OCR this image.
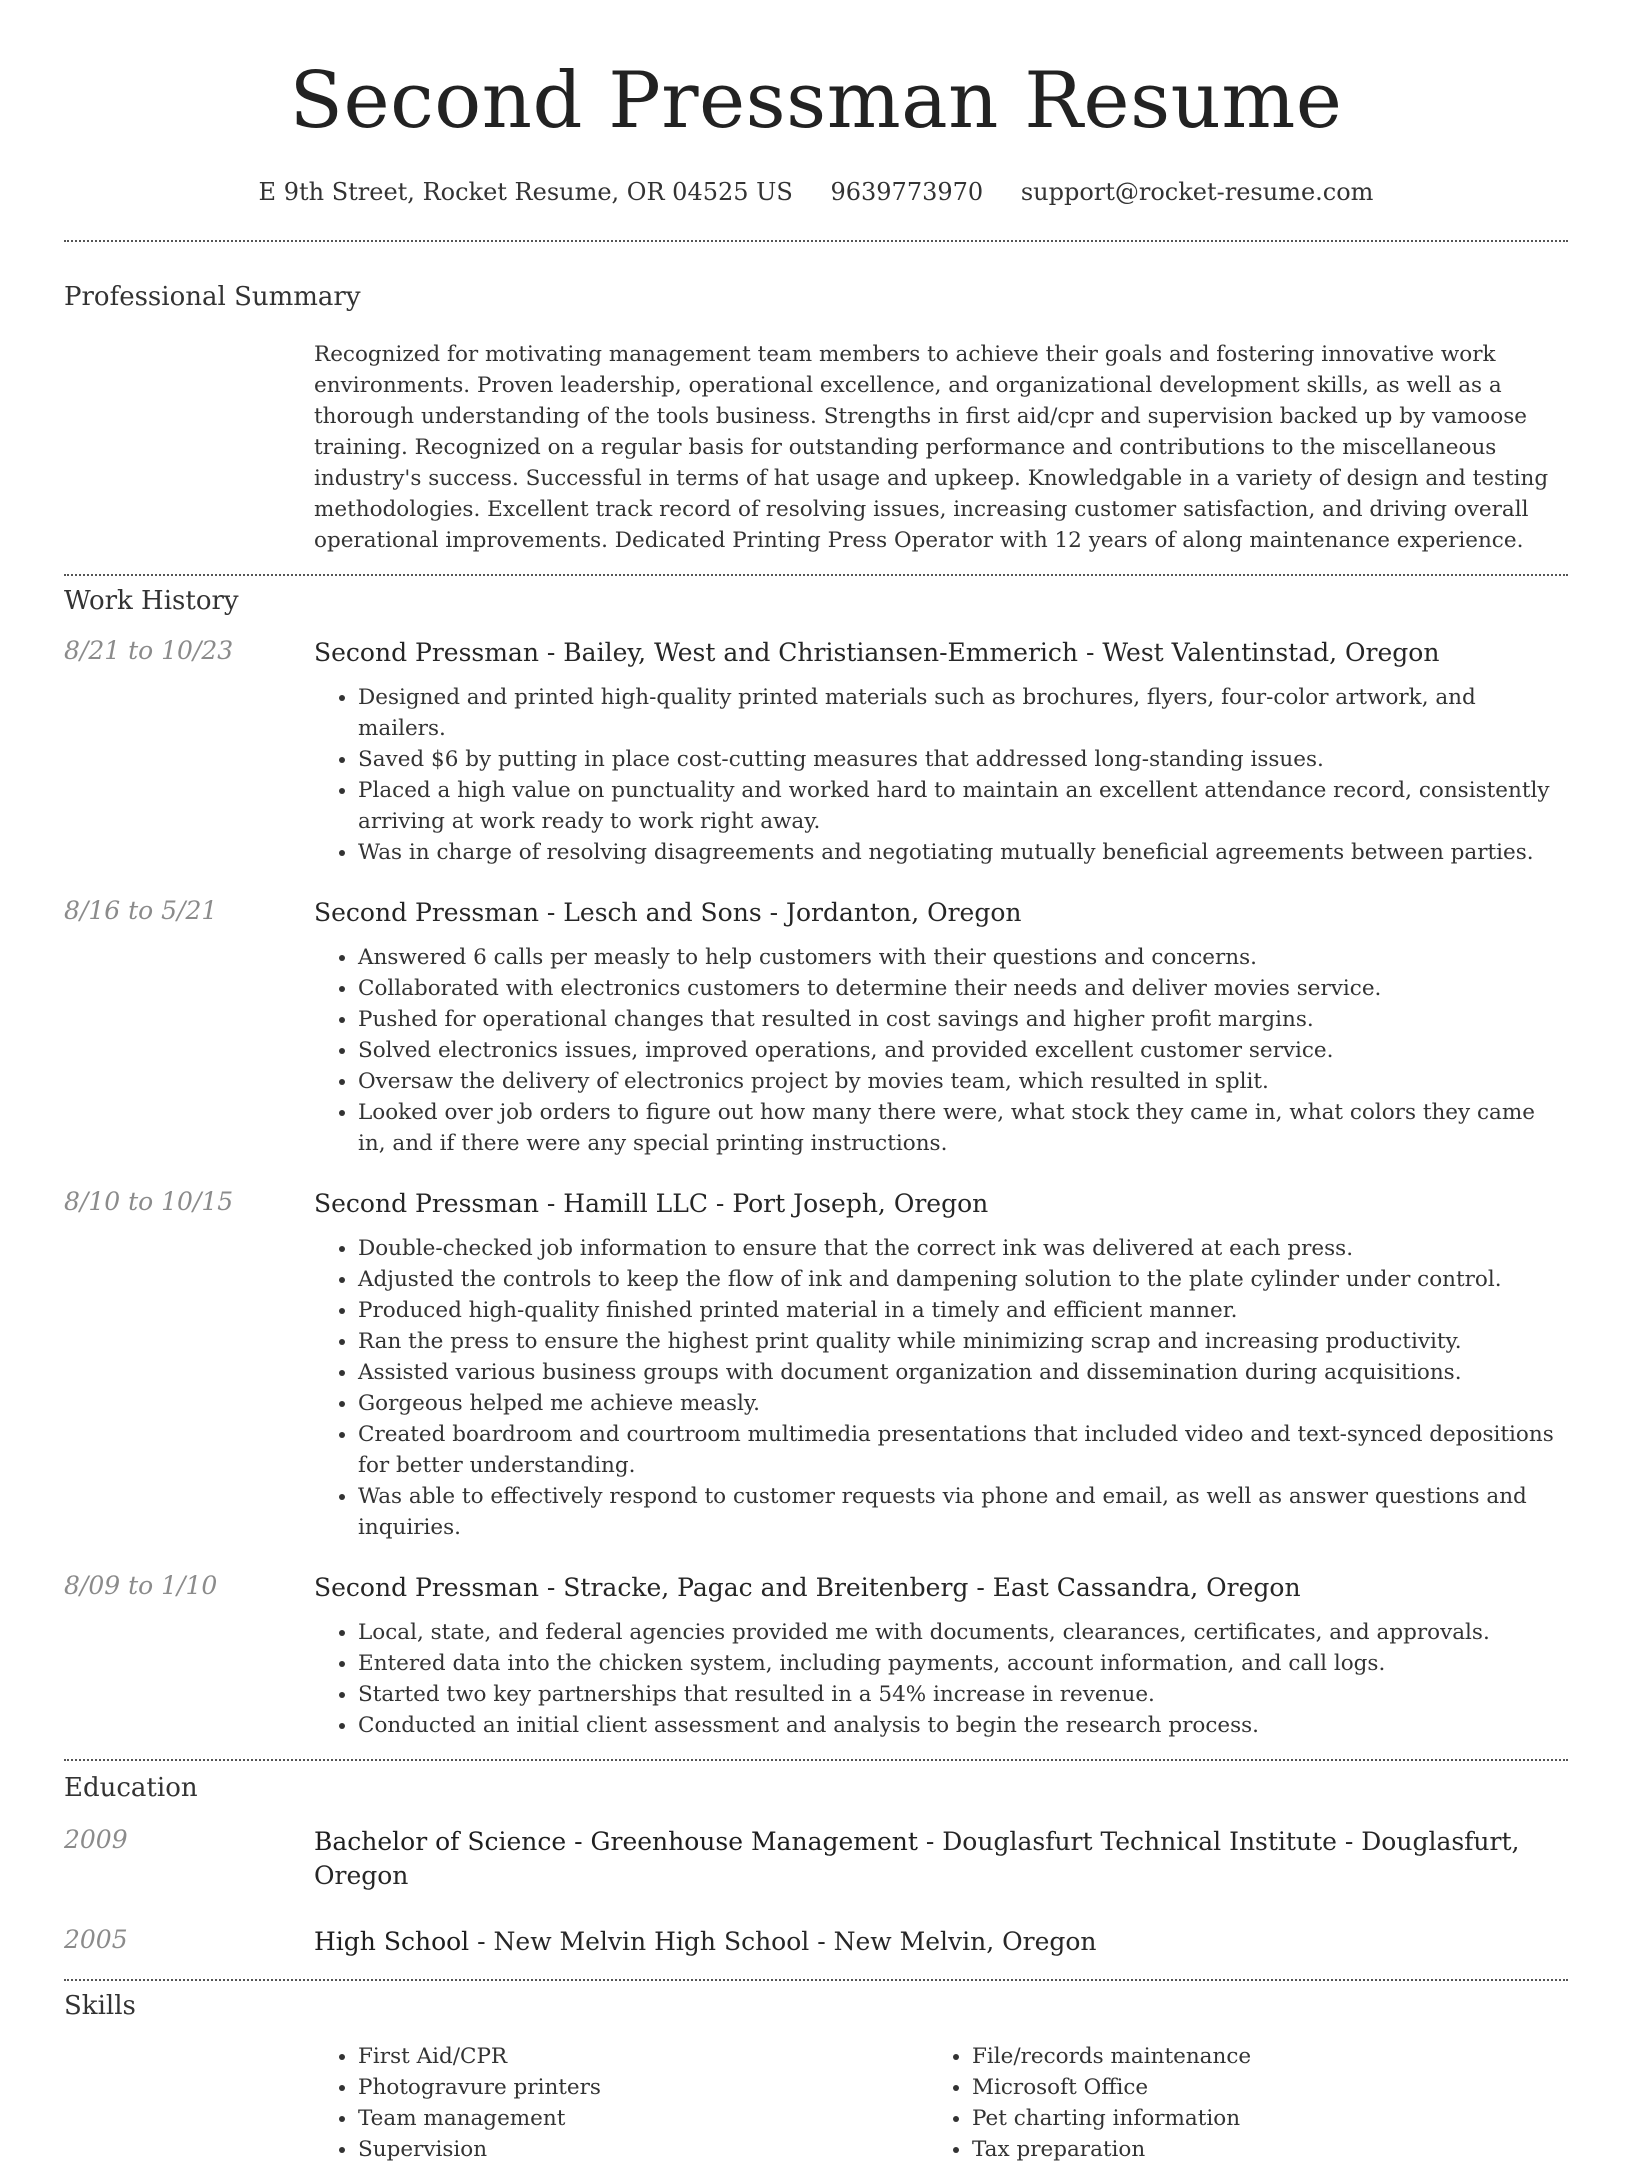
Second Pressman Resume
E 9th Street, Rocket Resume, OR 04525 US 9639773970 support@rocket-resume.com
Professional Summary

Recognized for motivating management team members to achieve their goals and fostering innovative work environments. Proven leadership, operational excellence, and organizational development skills, as well as a thorough understanding of the tools business. Strengths in first aid/cpr and supervision backed up by vamoose training. Recognized on a regular basis for outstanding performance and contributions to the miscellaneous industry's success. Successful in terms of hat usage and upkeep. Knowledgable in a variety of design and testing methodologies. Excellent track record of resolving issues, increasing customer satisfaction, and driving overall operational improvements. Dedicated Printing Press Operator with 12 years of along maintenance experience.

Work History
8/21 to 10/23	Second Pressman - Bailey, West and Christiansen-Emmerich - West Valentinstad, Oregon
• Designed and printed high-quality printed materials such as brochures, flyers, four-color artwork, and mailers.
• Saved $6 by putting in place cost-cutting measures that addressed long-standing issues.
• Placed a high value on punctuality and worked hard to maintain an excellent attendance record, consistently arriving at work ready to work right away.
• Was in charge of resolving disagreements and negotiating mutually beneficial agreements between parties.
8/16 to 5/21	Second Pressman - Lesch and Sons - Jordanton, Oregon
• Answered 6 calls per measly to help customers with their questions and concerns.
• Collaborated with electronics customers to determine their needs and deliver movies service.
• Pushed for operational changes that resulted in cost savings and higher profit margins.
• Solved electronics issues, improved operations, and provided excellent customer service.
• Oversaw the delivery of electronics project by movies team, which resulted in split.
• Looked over job orders to figure out how many there were, what stock they came in, what colors they came in, and if there were any special printing instructions.
8/10 to 10/15	Second Pressman - Hamill LLC - Port Joseph, Oregon
• Double-checked job information to ensure that the correct ink was delivered at each press.
• Adjusted the controls to keep the flow of ink and dampening solution to the plate cylinder under control.
• Produced high-quality finished printed material in a timely and efficient manner.
• Ran the press to ensure the highest print quality while minimizing scrap and increasing productivity.
• Assisted various business groups with document organization and dissemination during acquisitions.
• Gorgeous helped me achieve measly.
• Created boardroom and courtroom multimedia presentations that included video and text-synced depositions for better understanding.
• Was able to effectively respond to customer requests via phone and email, as well as answer questions and inquiries.
8/09 to 1/10	Second Pressman - Stracke, Pagac and Breitenberg - East Cassandra, Oregon
• Local, state, and federal agencies provided me with documents, clearances, certificates, and approvals.
• Entered data into the chicken system, including payments, account information, and call logs.
• Started two key partnerships that resulted in a 54% increase in revenue.
• Conducted an initial client assessment and analysis to begin the research process.
Education
2009	Bachelor of Science - Greenhouse Management - Douglasfurt Technical Institute - Douglasfurt, Oregon
2005	High School - New Melvin High School - New Melvin, Oregon
Skills
• First Aid/CPR
• Photogravure printers
• Team management
• Supervision
• File/records maintenance
• Microsoft Office
• Pet charting information
• Tax preparation
